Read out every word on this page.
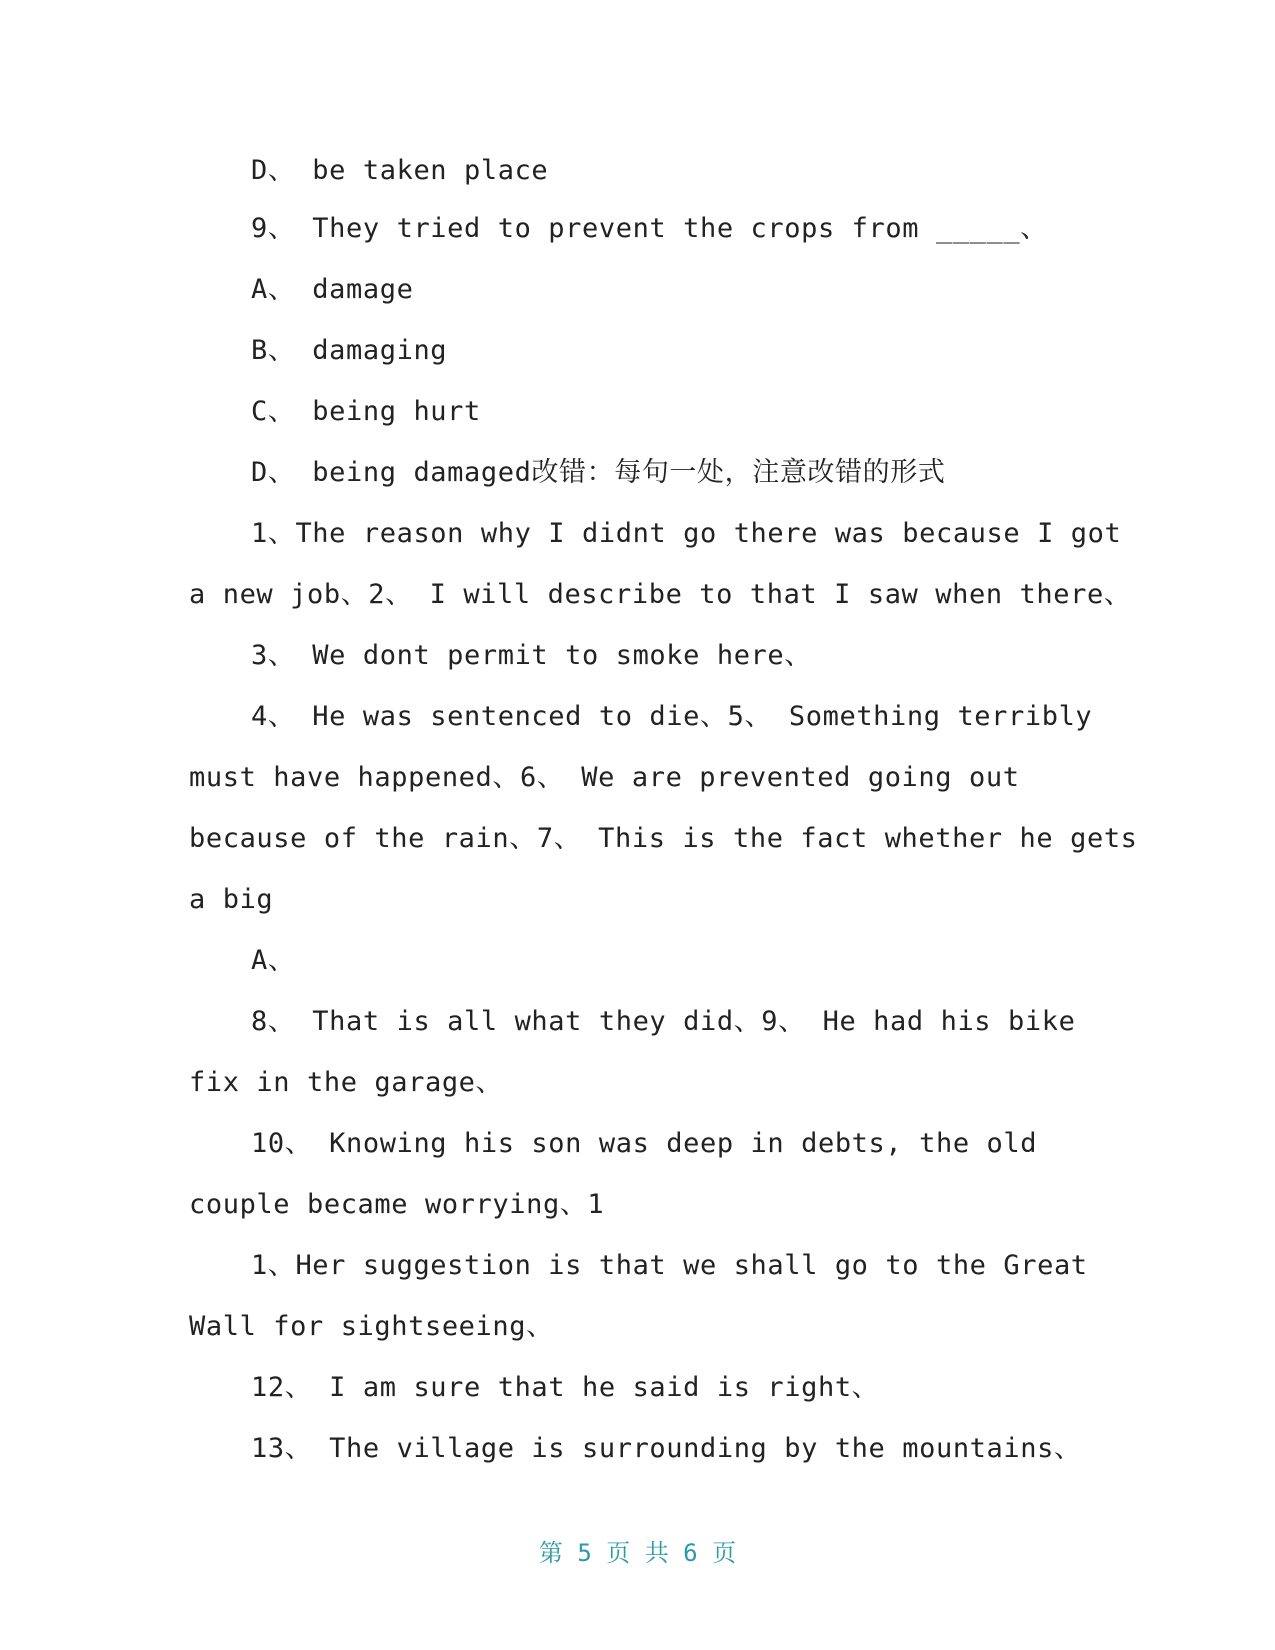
D、 be taken place
9、 They tried to prevent the crops from _____、
A、 damage
B、 damaging
C、 being hurt
D、 being damaged改错：每句一处，注意改错的形式
1、The reason why I didnt go there was because I got
a new job、2、 I will describe to that I saw when there、
3、 We dont permit to smoke here、
4、 He was sentenced to die、5、 Something terribly
must have happened、6、 We are prevented going out
because of the rain、7、 This is the fact whether he gets
a big
A、
8、 That is all what they did、9、 He had his bike
fix in the garage、
10、 Knowing his son was deep in debts, the old
couple became worrying、1
1、Her suggestion is that we shall go to the Great
Wall for sightseeing、
12、 I am sure that he said is right、
13、 The village is surrounding by the mountains、
第 5 页 共 6 页
